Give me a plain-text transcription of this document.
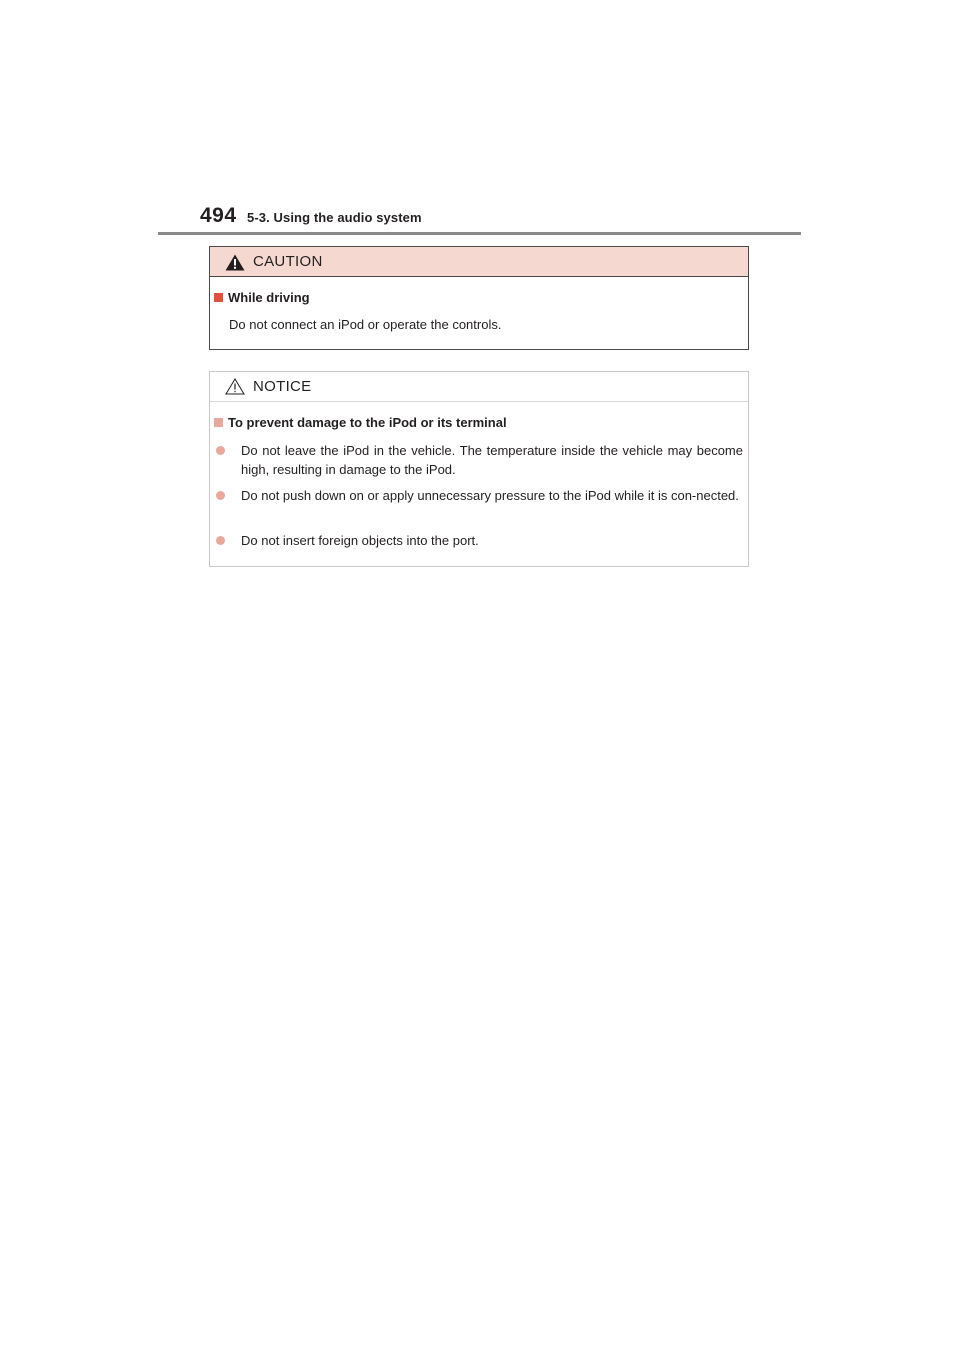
494 5-3. Using the audio system
CAUTION
While driving
Do not connect an iPod or operate the controls.
NOTICE
To prevent damage to the iPod or its terminal
Do not leave the iPod in the vehicle. The temperature inside the vehicle may become high, resulting in damage to the iPod.
Do not push down on or apply unnecessary pressure to the iPod while it is con-nected.
Do not insert foreign objects into the port.
